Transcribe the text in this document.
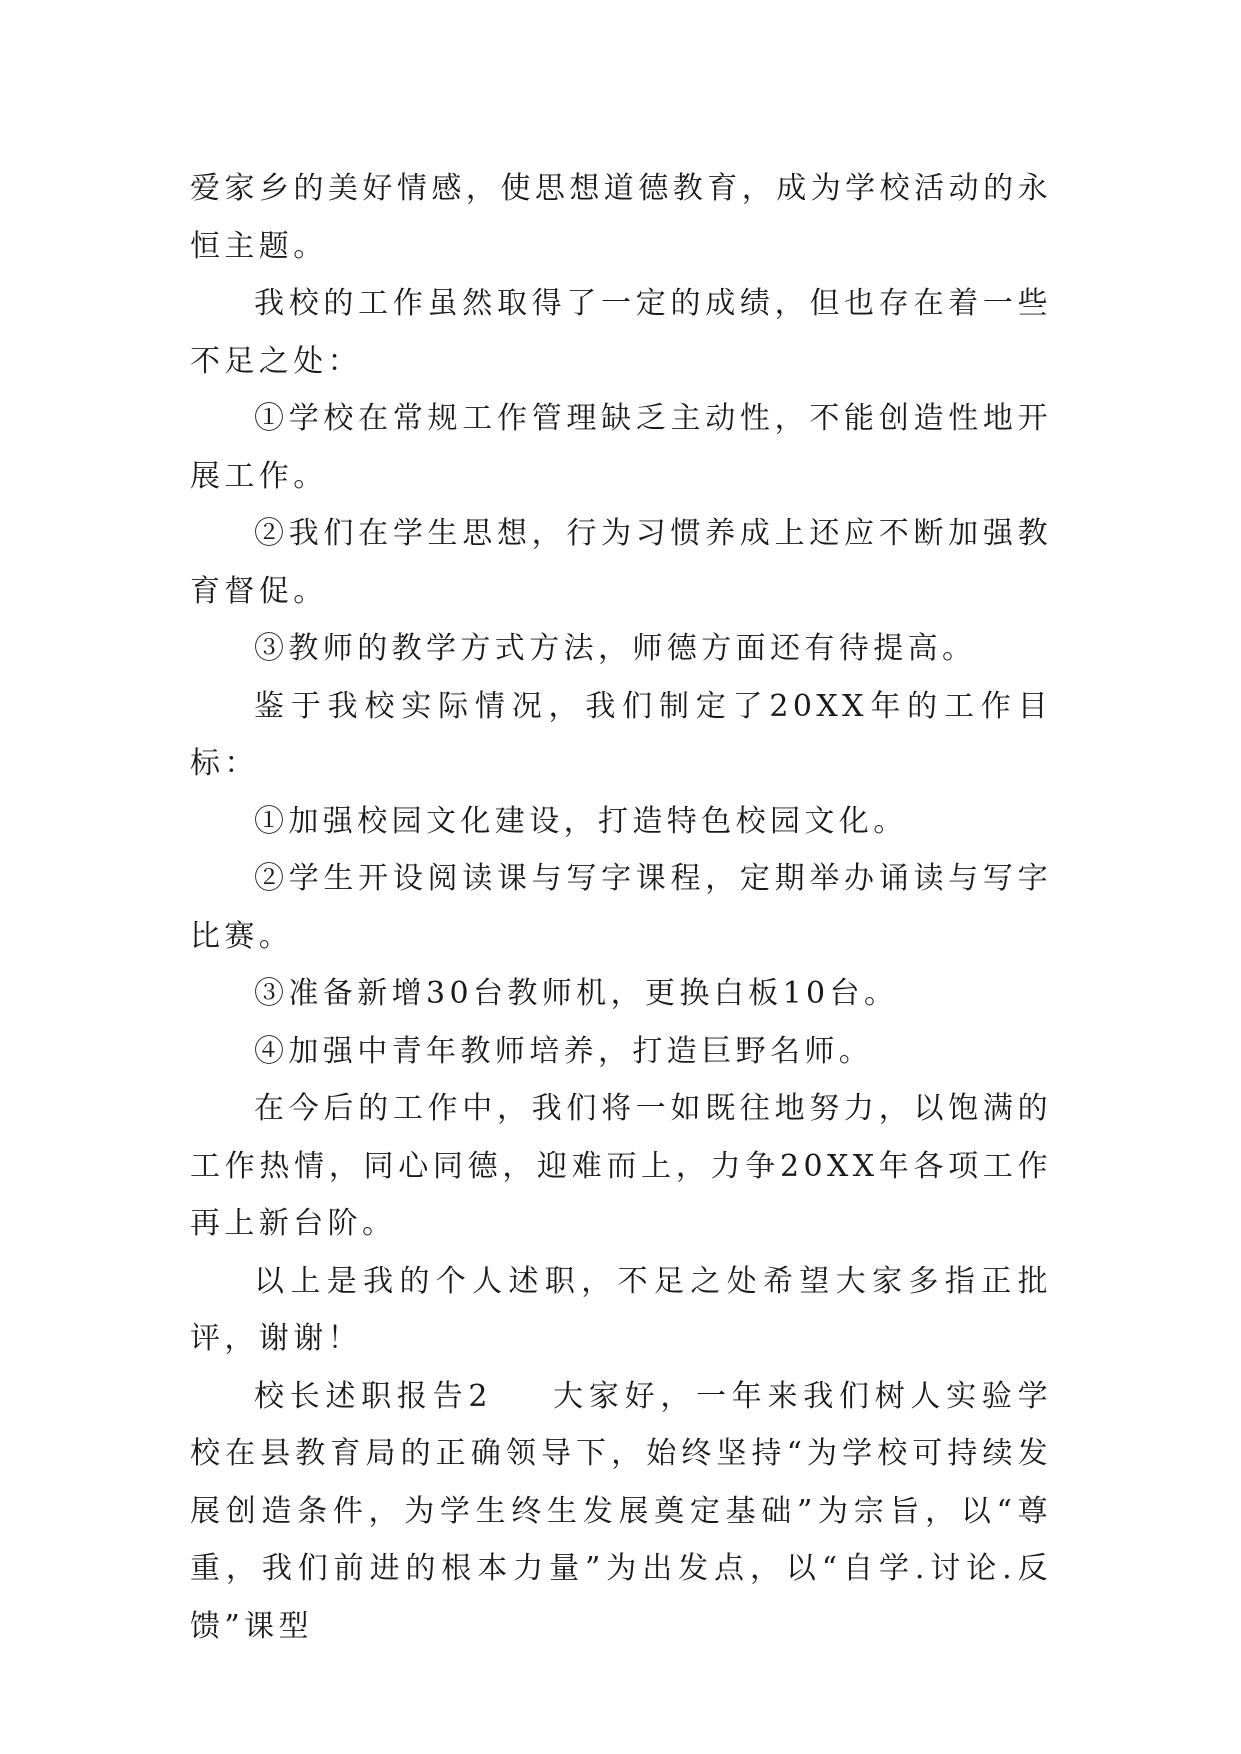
爱家乡的美好情感，使思想道德教育，成为学校活动的永恒主题。

我校的工作虽然取得了一定的成绩，但也存在着一些不足之处：

①学校在常规工作管理缺乏主动性，不能创造性地开展工作。

②我们在学生思想，行为习惯养成上还应不断加强教育督促。

③教师的教学方式方法，师德方面还有待提高。

鉴于我校实际情况，我们制定了20XX年的工作目标：

①加强校园文化建设，打造特色校园文化。

②学生开设阅读课与写字课程，定期举办诵读与写字比赛。

③准备新增30台教师机，更换白板10台。

④加强中青年教师培养，打造巨野名师。

在今后的工作中，我们将一如既往地努力，以饱满的工作热情，同心同德，迎难而上，力争20XX年各项工作再上新台阶。

以上是我的个人述职，不足之处希望大家多指正批评，谢谢！

校长述职报告2 大家好，一年来我们树人实验学校在县教育局的正确领导下，始终坚持“为学校可持续发展创造条件，为学生终生发展奠定基础”为宗旨，以“尊重，我们前进的根本力量”为出发点，以“自学.讨论.反馈”课型
